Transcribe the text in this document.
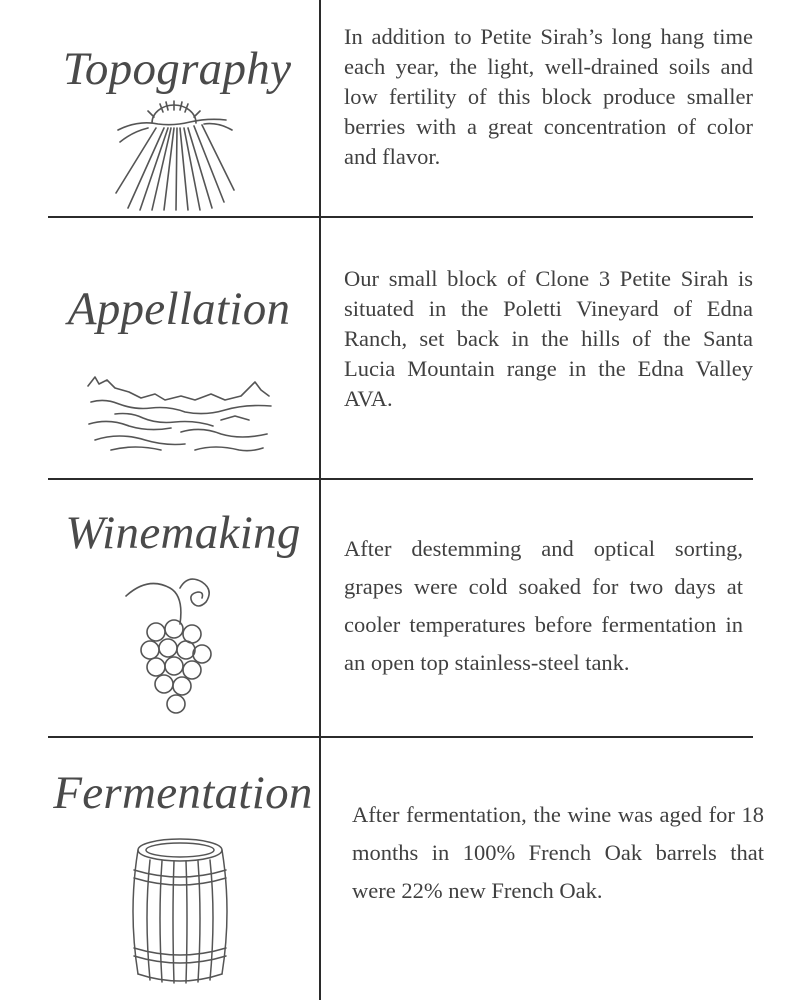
Topography
In addition to Petite Sirah’s long hang time each year, the light, well-drained soils and low fertility of this block produce smaller berries with a great concentration of color and flavor.
Appellation
Our small block of Clone 3 Petite Sirah is situated in the Poletti Vineyard of Edna Ranch, set back in the hills of the Santa Lucia Mountain range in the Edna Valley AVA.
Winemaking	After destemming and optical sorting, grapes were cold soaked for two days at cooler temperatures before fermentation in an open top stainless-steel tank.
Fermentation After fermentation, the wine was aged for 18 months in 100% French Oak barrels that were 22% new French Oak.
